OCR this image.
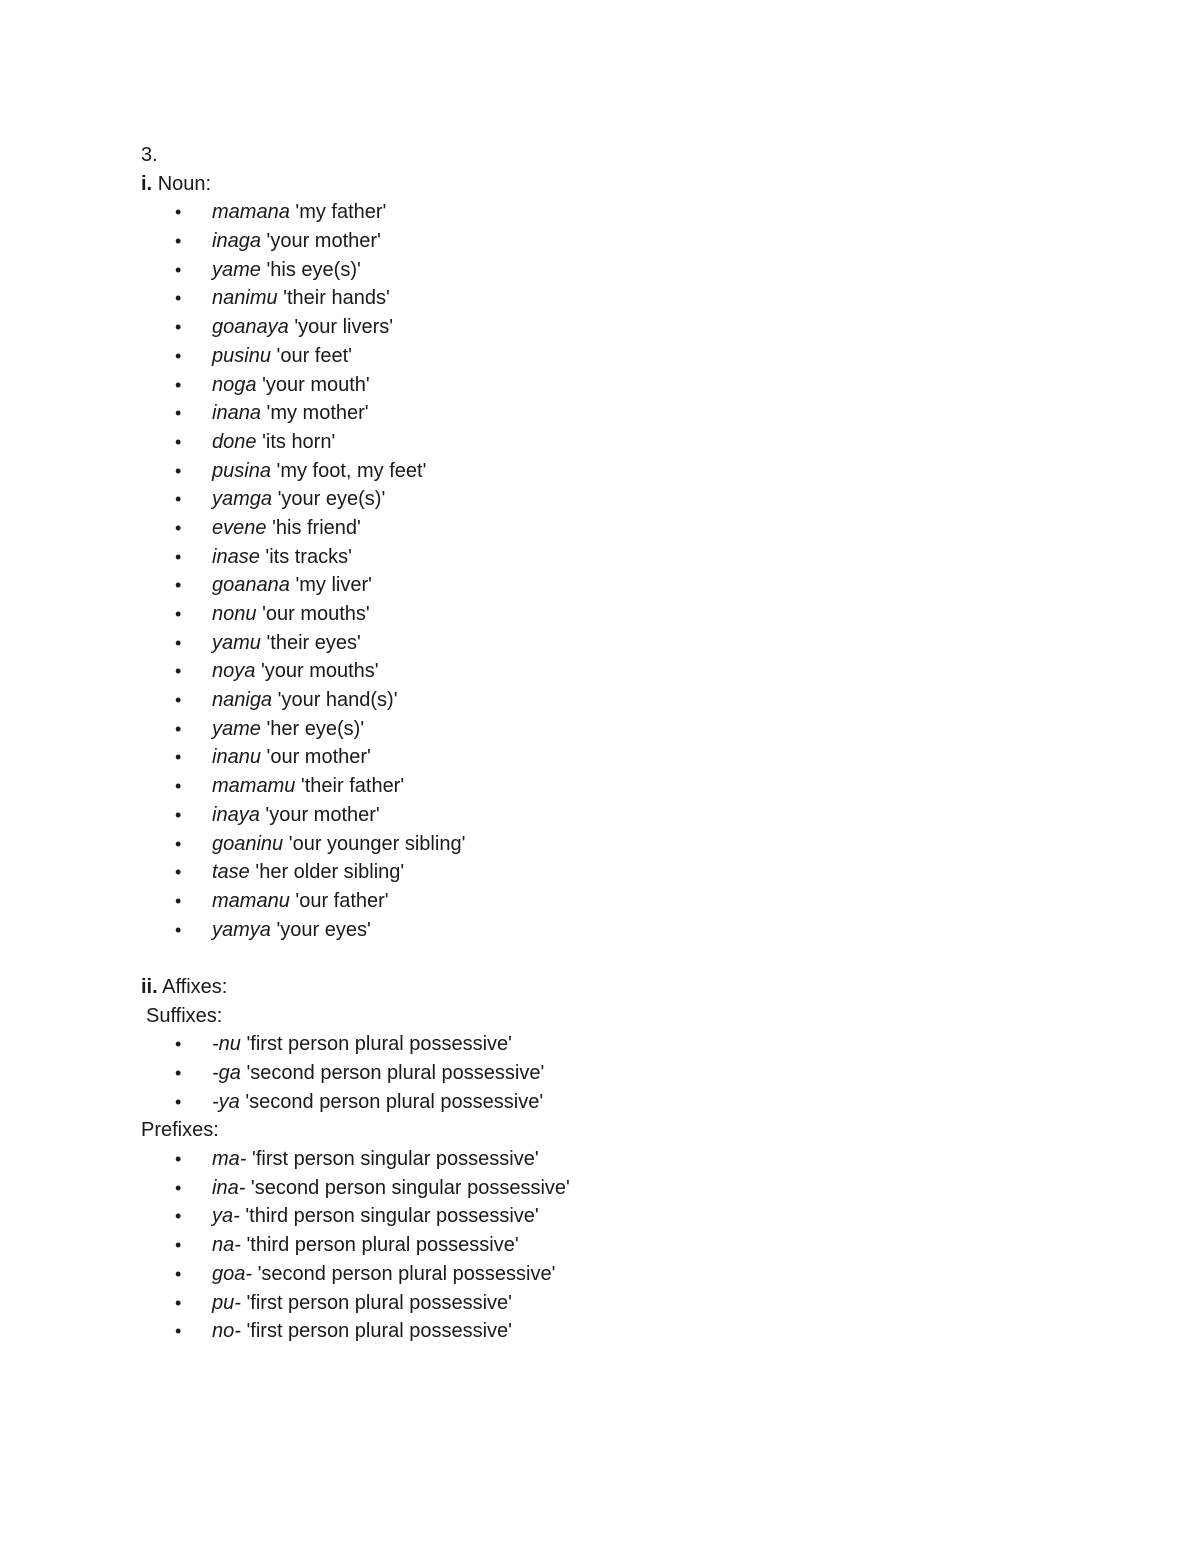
3.
i. Noun:
• mamana 'my father'
• inaga 'your mother'
• yame 'his eye(s)'
• nanimu 'their hands'
• goanaya 'your livers'
• pusinu 'our feet'
• noga 'your mouth'
• inana 'my mother'
• done 'its horn'
• pusina 'my foot, my feet'
• yamga 'your eye(s)'
• evene 'his friend'
• inase 'its tracks'
• goanana 'my liver'
• nonu 'our mouths'
• yamu 'their eyes'
• noya 'your mouths'
• naniga 'your hand(s)'
• yame 'her eye(s)'
• inanu 'our mother'
• mamamu 'their father'
• inaya 'your mother'
• goaninu 'our younger sibling'
• tase 'her older sibling'
• mamanu 'our father'
• yamya 'your eyes'
ii. Affixes:
Suffixes:
• -nu 'first person plural possessive'
• -ga 'second person plural possessive'
• -ya 'second person plural possessive'
Prefixes:
• ma- 'first person singular possessive'
• ina- 'second person singular possessive'
• ya- 'third person singular possessive'
• na- 'third person plural possessive'
• goa- 'second person plural possessive'
• pu- 'first person plural possessive'
• no- 'first person plural possessive'
